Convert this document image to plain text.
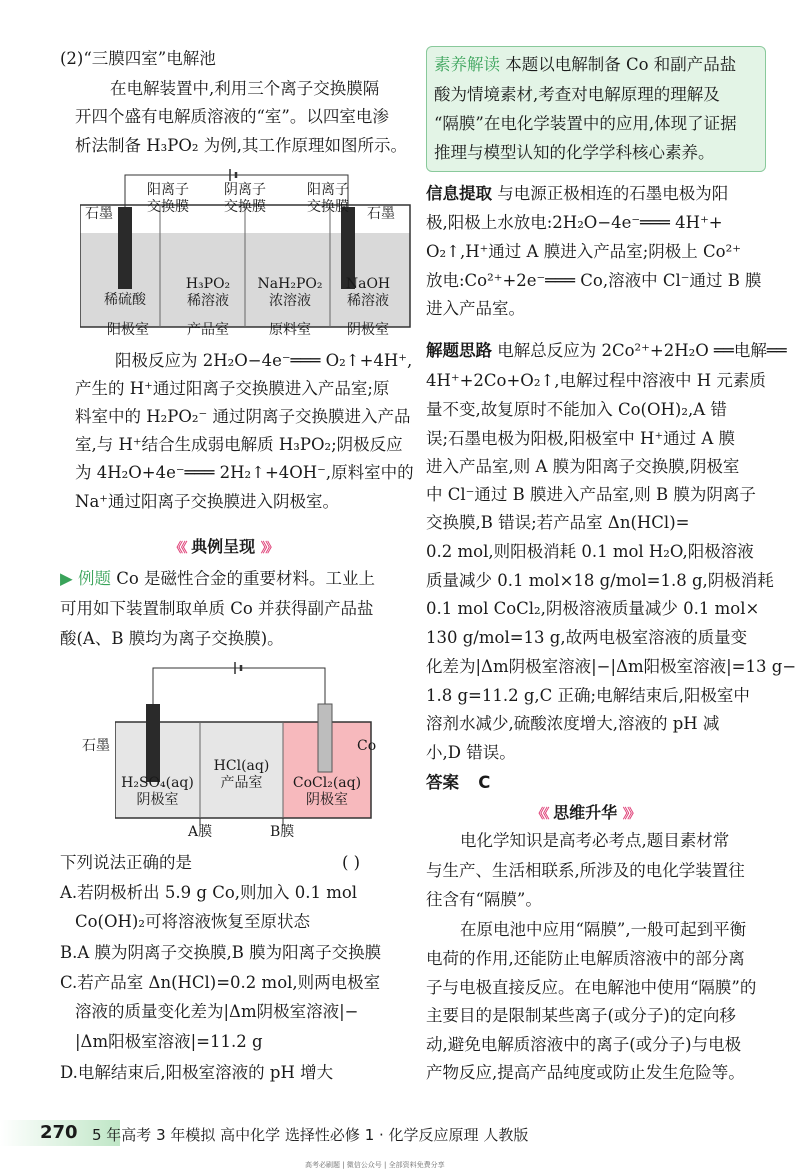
(2)“三膜四室”电解池
在电解装置中,利用三个离子交换膜隔
开四个盛有电解质溶液的“室”。以四室电渗
析法制备 H₃PO₂ 为例,其工作原理如图所示。
石墨	石墨
阳离子
交换膜
阴离子
交换膜
阳离子
交换膜
稀硫酸
H₃PO₂
稀溶液
NaH₂PO₂
浓溶液
NaOH
稀溶液
阳极室	产品室	原料室	阴极室
阳极反应为 2H₂O−4e⁻═══ O₂↑+4H⁺,
产生的 H⁺通过阳离子交换膜进入产品室;原
料室中的 H₂PO₂⁻ 通过阴离子交换膜进入产品
室,与 H⁺结合生成弱电解质 H₃PO₂;阴极反应
为 4H₂O+4e⁻═══ 2H₂↑+4OH⁻,原料室中的
Na⁺通过阳离子交换膜进入阴极室。
《《 典例呈现 》》
▶ 例题 Co 是磁性合金的重要材料。工业上
可用如下装置制取单质 Co 并获得副产品盐
酸(A、B 膜均为离子交换膜)。
石墨	Co
H₂SO₄(aq)
阴极室
HCl(aq)
产品室	CoCl₂(aq)
阴极室
A膜	B膜
下列说法正确的是	( )
A.若阴极析出 5.9 g Co,则加入 0.1 mol
Co(OH)₂可将溶液恢复至原状态
B.A 膜为阴离子交换膜,B 膜为阳离子交换膜
C.若产品室 Δn(HCl)=0.2 mol,则两电极室
溶液的质量变化差为|Δm阴极室溶液|−
|Δm阳极室溶液|=11.2 g
D.电解结束后,阳极室溶液的 pH 增大
素养解读 本题以电解制备 Co 和副产品盐
酸为情境素材,考查对电解原理的理解及
“隔膜”在电化学装置中的应用,体现了证据
推理与模型认知的化学学科核心素养。
信息提取 与电源正极相连的石墨电极为阳
极,阳极上水放电:2H₂O−4e⁻═══ 4H⁺+
O₂↑,H⁺通过 A 膜进入产品室;阴极上 Co²⁺
放电:Co²⁺+2e⁻═══ Co,溶液中 Cl⁻通过 B 膜
进入产品室。
解题思路 电解总反应为 2Co²⁺+2H₂O ══电解══
4H⁺+2Co+O₂↑,电解过程中溶液中 H 元素质
量不变,故复原时不能加入 Co(OH)₂,A 错
误;石墨电极为阳极,阳极室中 H⁺通过 A 膜
进入产品室,则 A 膜为阳离子交换膜,阴极室
中 Cl⁻通过 B 膜进入产品室,则 B 膜为阴离子
交换膜,B 错误;若产品室 Δn(HCl)=
0.2 mol,则阳极消耗 0.1 mol H₂O,阳极溶液
质量减少 0.1 mol×18 g/mol=1.8 g,阴极消耗
0.1 mol CoCl₂,阴极溶液质量减少 0.1 mol×
130 g/mol=13 g,故两电极室溶液的质量变
化差为|Δm阴极室溶液|−|Δm阳极室溶液|=13 g−
1.8 g=11.2 g,C 正确;电解结束后,阳极室中
溶剂水减少,硫酸浓度增大,溶液的 pH 减
小,D 错误。
答案 C
《《 思维升华 》》
电化学知识是高考必考点,题目素材常
与生产、生活相联系,所涉及的电化学装置往
往含有“隔膜”。
在原电池中应用“隔膜”,一般可起到平衡
电荷的作用,还能防止电解质溶液中的部分离
子与电极直接反应。在电解池中使用“隔膜”的
主要目的是限制某些离子(或分子)的定向移
动,避免电解质溶液中的离子(或分子)与电极
产物反应,提高产品纯度或防止发生危险等。
270 5 年高考 3 年模拟 高中化学 选择性必修 1 · 化学反应原理 人教版
高考必刷题 | 微信公众号 | 全部资料免费分享
